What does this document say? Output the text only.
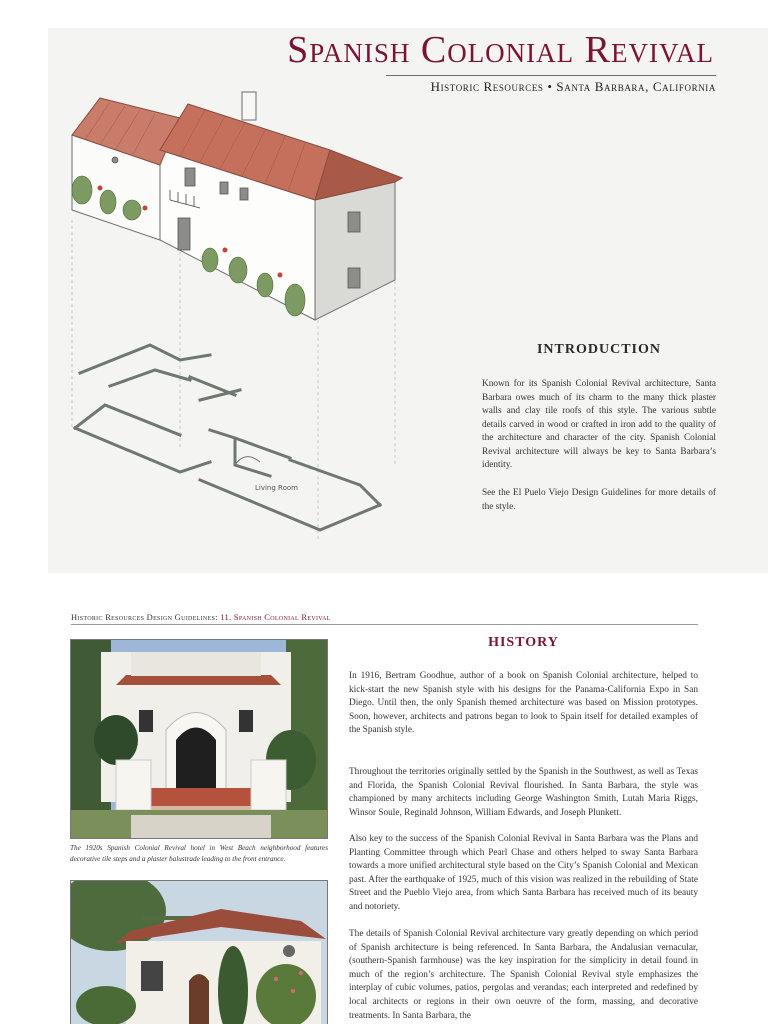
Spanish Colonial Revival
Historic Resources • Santa Barbara, California
Living Room
INTRODUCTION

Known for its Spanish Colonial Revival architecture, Santa Barbara owes much of its charm to the many thick plaster walls and clay tile roofs of this style. The various subtle details carved in wood or crafted in iron add to the quality of the architecture and character of the city. Spanish Colonial Revival architecture will always be key to Santa Barbara’s identity.

See the El Puelo Viejo Design Guidelines for more details of the style.

Historic Resources Design Guidelines: 11. Spanish Colonial Revival

The 1920s Spanish Colonial Revival hotel in West Beach neighborhood features decorative tile steps and a plaster balustrade leading to the front entrance.

HISTORY

In 1916, Bertram Goodhue, author of a book on Spanish Colonial architecture, helped to kick-start the new Spanish style with his designs for the Panama-California Expo in San Diego. Until then, the only Spanish themed architecture was based on Mission prototypes. Soon, however, architects and patrons began to look to Spain itself for detailed examples of the Spanish style.

Throughout the territories originally settled by the Spanish in the Southwest, as well as Texas and Florida, the Spanish Colonial Revival flourished. In Santa Barbara, the style was championed by many architects including George Washington Smith, Lutah Maria Riggs, Winsor Soule, Reginald Johnson, William Edwards, and Joseph Plunkett.

Also key to the success of the Spanish Colonial Revival in Santa Barbara was the Plans and Planting Committee through which Pearl Chase and others helped to sway Santa Barbara towards a more unified architectural style based on the City’s Spanish Colonial and Mexican past. After the earthquake of 1925, much of this vision was realized in the rebuilding of State Street and the Pueblo Viejo area, from which Santa Barbara has received much of its beauty and notoriety.

The details of Spanish Colonial Revival architecture vary greatly depending on which period of Spanish architecture is being referenced. In Santa Barbara, the Andalusian vernacular, (southern-Spanish farmhouse) was the key inspiration for the simplicity in detail found in much of the region’s architecture. The Spanish Colonial Revival style emphasizes the interplay of cubic volumes, patios, pergolas and verandas; each interpreted and redefined by local architects or regions in their own oeuvre of the form, massing, and decorative treatments. In Santa Barbara, the
